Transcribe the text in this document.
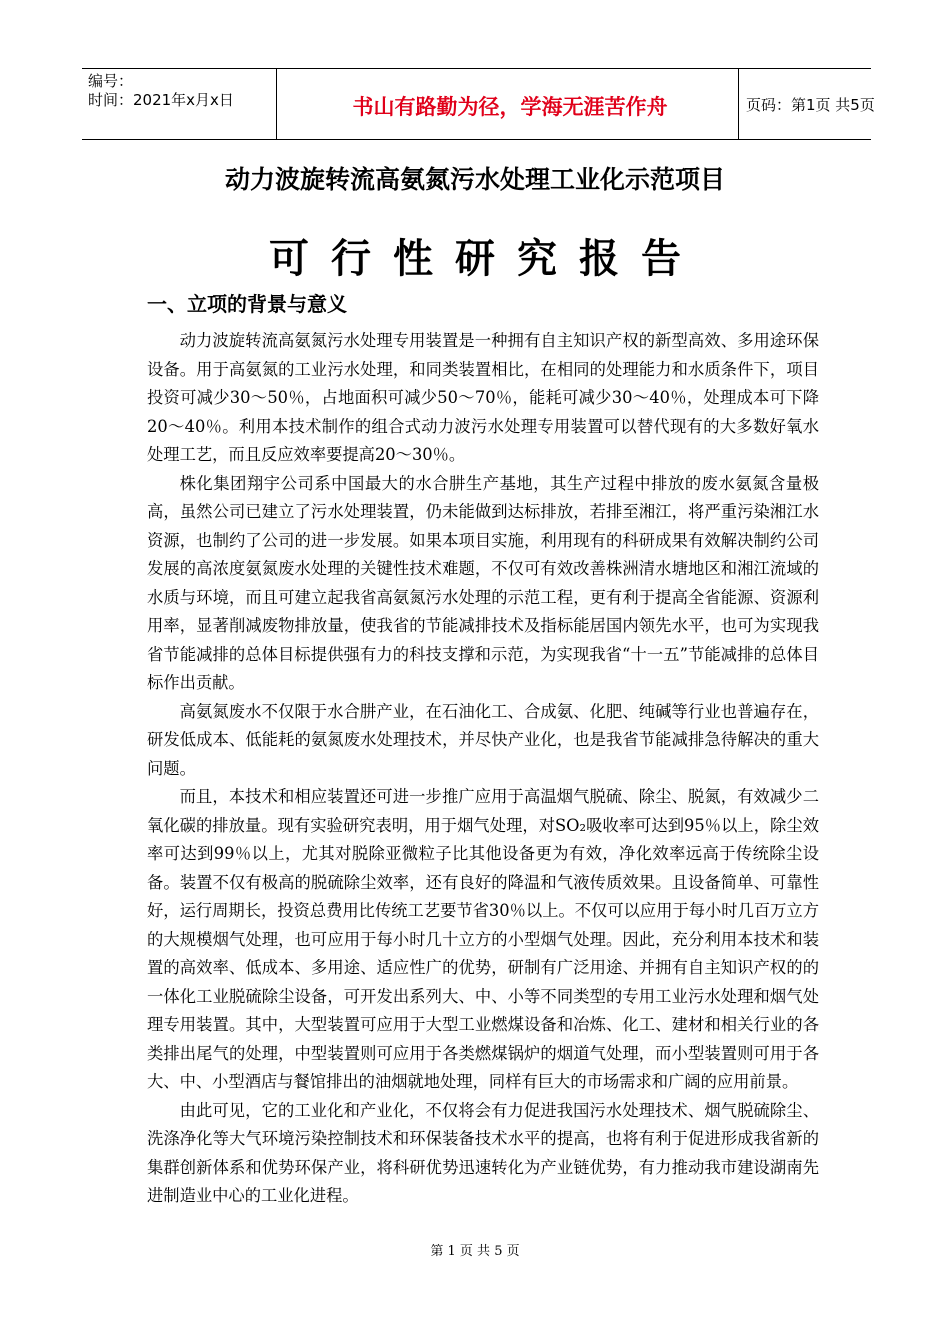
编号：
时间：2021年x月x日	书山有路勤为径，学海无涯苦作舟	页码：第1页 共5页
动力波旋转流高氨氮污水处理工业化示范项目
可行性研究报告
一、立项的背景与意义

动力波旋转流高氨氮污水处理专用装置是一种拥有自主知识产权的新型高效、多用途环保设备。用于高氨氮的工业污水处理，和同类装置相比，在相同的处理能力和水质条件下，项目投资可减少30～50％，占地面积可减少50～70％，能耗可减少30～40％，处理成本可下降20～40％。利用本技术制作的组合式动力波污水处理专用装置可以替代现有的大多数好氧水处理工艺，而且反应效率要提高20～30％。

株化集团翔宇公司系中国最大的水合肼生产基地，其生产过程中排放的废水氨氮含量极高，虽然公司已建立了污水处理装置，仍未能做到达标排放，若排至湘江，将严重污染湘江水资源，也制约了公司的进一步发展。如果本项目实施，利用现有的科研成果有效解决制约公司发展的高浓度氨氮废水处理的关键性技术难题，不仅可有效改善株洲清水塘地区和湘江流域的水质与环境，而且可建立起我省高氨氮污水处理的示范工程，更有利于提高全省能源、资源利用率，显著削减废物排放量，使我省的节能减排技术及指标能居国内领先水平，也可为实现我省节能减排的总体目标提供强有力的科技支撑和示范，为实现我省“十一五”节能减排的总体目标作出贡献。

高氨氮废水不仅限于水合肼产业，在石油化工、合成氨、化肥、纯碱等行业也普遍存在，研发低成本、低能耗的氨氮废水处理技术，并尽快产业化，也是我省节能减排急待解决的重大问题。

而且，本技术和相应装置还可进一步推广应用于高温烟气脱硫、除尘、脱氮，有效减少二氧化碳的排放量。现有实验研究表明，用于烟气处理，对SO₂吸收率可达到95％以上，除尘效率可达到99％以上，尤其对脱除亚微粒子比其他设备更为有效，净化效率远高于传统除尘设备。装置不仅有极高的脱硫除尘效率，还有良好的降温和气液传质效果。且设备简单、可靠性好，运行周期长，投资总费用比传统工艺要节省30％以上。不仅可以应用于每小时几百万立方的大规模烟气处理，也可应用于每小时几十立方的小型烟气处理。因此，充分利用本技术和装置的高效率、低成本、多用途、适应性广的优势，研制有广泛用途、并拥有自主知识产权的的一体化工业脱硫除尘设备，可开发出系列大、中、小等不同类型的专用工业污水处理和烟气处理专用装置。其中，大型装置可应用于大型工业燃煤设备和冶炼、化工、建材和相关行业的各类排出尾气的处理，中型装置则可应用于各类燃煤锅炉的烟道气处理，而小型装置则可用于各大、中、小型酒店与餐馆排出的油烟就地处理，同样有巨大的市场需求和广阔的应用前景。

由此可见，它的工业化和产业化，不仅将会有力促进我国污水处理技术、烟气脱硫除尘、洗涤净化等大气环境污染控制技术和环保装备技术水平的提高，也将有利于促进形成我省新的集群创新体系和优势环保产业，将科研优势迅速转化为产业链优势，有力推动我市建设湖南先进制造业中心的工业化进程。

第 1 页 共 5 页
